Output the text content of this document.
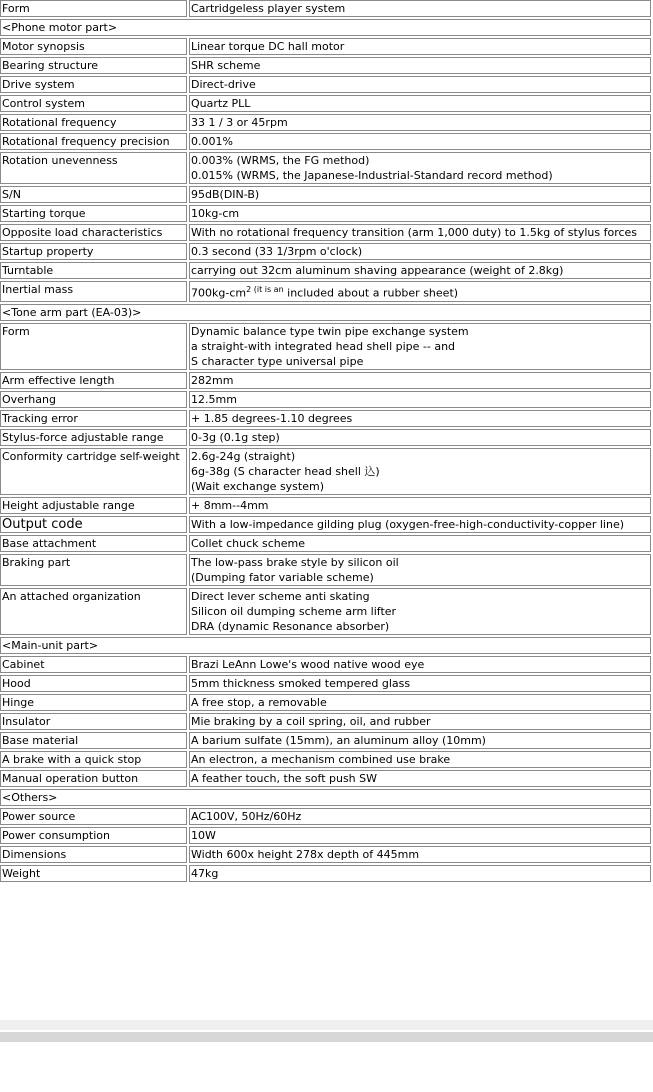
Form	Cartridgeless player system
<Phone motor part>	
Motor synopsis	Linear torque DC hall motor
Bearing structure	SHR scheme
Drive system	Direct-drive
Control system	Quartz PLL
Rotational frequency	33 1 / 3 or 45rpm
Rotational frequency precision	0.001%
Rotation unevenness	0.003% (WRMS, the FG method)
0.015% (WRMS, the Japanese-Industrial-Standard record method)
S/N	95dB(DIN-B)
Starting torque	10kg-cm
Opposite load characteristics	With no rotational frequency transition (arm 1,000 duty) to 1.5kg of stylus forces
Startup property	0.3 second (33 1/3rpm o'clock)
Turntable	carrying out 32cm aluminum shaving appearance (weight of 2.8kg)
Inertial mass	$700kg-cm^{2 (it is an}$ included about a rubber sheet)
<Tone arm part (EA-03)>	
Form	Dynamic balance type twin pipe exchange system
a straight-with integrated head shell pipe -- and
S character type universal pipe
Arm effective length	282mm
Overhang	12.5mm
Tracking error	+ 1.85 degrees-1.10 degrees
Stylus-force adjustable range	0-3g (0.1g step)
Conformity cartridge self-weight	2.6g-24g (straight)
6g-38g (S character head shell 込)
(Wait exchange system)
Height adjustable range	+ 8mm--4mm
Output code	With a low-impedance gilding plug (oxygen-free-high-conductivity-copper line)
Base attachment	Collet chuck scheme
Braking part	The low-pass brake style by silicon oil
(Dumping fator variable scheme)
An attached organization	Direct lever scheme anti skating
Silicon oil dumping scheme arm lifter
DRA (dynamic Resonance absorber)
<Main-unit part>	
Cabinet	Brazi LeAnn Lowe's wood native wood eye
Hood	5mm thickness smoked tempered glass
Hinge	A free stop, a removable
Insulator	Mie braking by a coil spring, oil, and rubber
Base material	A barium sulfate (15mm), an aluminum alloy (10mm)
A brake with a quick stop	An electron, a mechanism combined use brake
Manual operation button	A feather touch, the soft push SW
<Others>	
Power source	AC100V, 50Hz/60Hz
Power consumption	10W
Dimensions	Width 600x height 278x depth of 445mm
Weight	47kg
